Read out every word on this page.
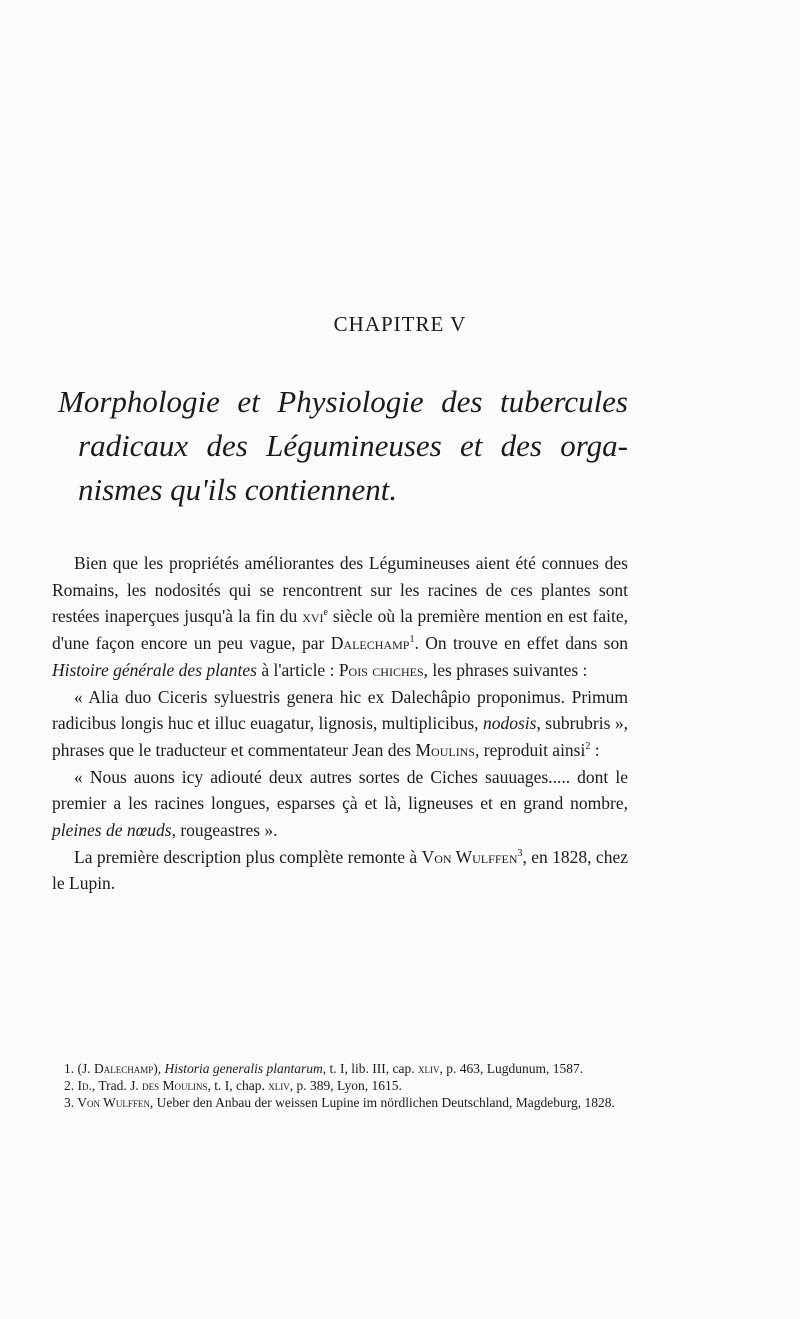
CHAPITRE V
Morphologie et Physiologie des tubercules
radicaux des Légumineuses et des orga-
nismes qu'ils contiennent.

Bien que les propriétés améliorantes des Légumineuses aient été connues des Romains, les nodosités qui se rencontrent sur les racines de ces plantes sont restées inaperçues jusqu'à la fin du xvi$^e$ siècle où la première mention en est faite, d'une façon encore un peu vague, par Dalechamp$^1$. On trouve en effet dans son Histoire générale des plantes à l'article : Pois chiches, les phrases suivantes :

« Alia duo Ciceris syluestris genera hic ex Dalechâpio proponimus. Primum radicibus longis huc et illuc euagatur, lignosis, multiplicibus, nodosis, subrubris », phrases que le traducteur et commentateur Jean des Moulins, reproduit ainsi$^2$ :

« Nous auons icy adiouté deux autres sortes de Ciches sauuages..... dont le premier a les racines longues, esparses çà et là, ligneuses et en grand nombre, pleines de nœuds, rougeastres ».

La première description plus complète remonte à Von Wulffen$^3$, en 1828, chez le Lupin.

1. (J. Dalechamp), Historia generalis plantarum, t. I, lib. III, cap. xliv, p. 463, Lugdunum, 1587.

2. Id., Trad. J. des Moulins, t. I, chap. xliv, p. 389, Lyon, 1615.

3. Von Wulffen, Ueber den Anbau der weissen Lupine im nördlichen Deutschland, Magdeburg, 1828.
